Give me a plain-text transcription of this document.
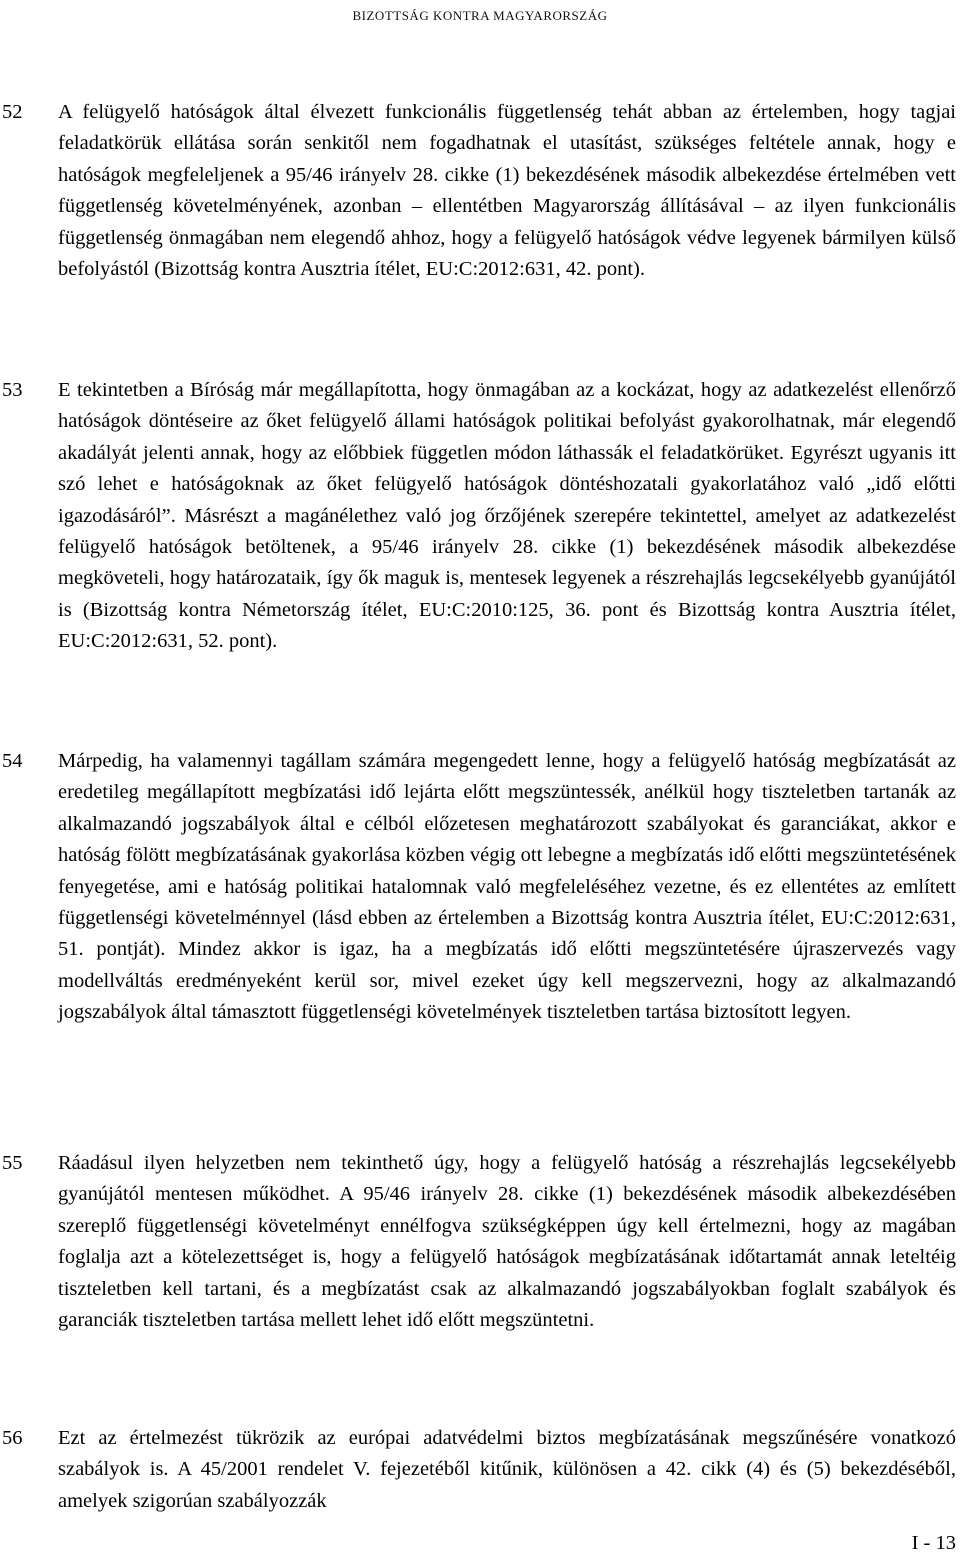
BIZOTTSÁG KONTRA MAGYARORSZÁG
52 A felügyelő hatóságok által élvezett funkcionális függetlenség tehát abban az értelemben, hogy tagjai feladatkörük ellátása során senkitől nem fogadhatnak el utasítást, szükséges feltétele annak, hogy e hatóságok megfeleljenek a 95/46 irányelv 28. cikke (1) bekezdésének második albekezdése értelmében vett függetlenség követelményének, azonban – ellentétben Magyarország állításával – az ilyen funkcionális függetlenség önmagában nem elegendő ahhoz, hogy a felügyelő hatóságok védve legyenek bármilyen külső befolyástól (Bizottság kontra Ausztria ítélet, EU:C:2012:631, 42. pont).
53 E tekintetben a Bíróság már megállapította, hogy önmagában az a kockázat, hogy az adatkezelést ellenőrző hatóságok döntéseire az őket felügyelő állami hatóságok politikai befolyást gyakorolhatnak, már elegendő akadályát jelenti annak, hogy az előbbiek független módon láthassák el feladatkörüket. Egyrészt ugyanis itt szó lehet e hatóságoknak az őket felügyelő hatóságok döntéshozatali gyakorlatához való „idő előtti igazodásáról”. Másrészt a magánélethez való jog őrzőjének szerepére tekintettel, amelyet az adatkezelést felügyelő hatóságok betöltenek, a 95/46 irányelv 28. cikke (1) bekezdésének második albekezdése megköveteli, hogy határozataik, így ők maguk is, mentesek legyenek a részrehajlás legcsekélyebb gyanújától is (Bizottság kontra Németország ítélet, EU:C:2010:125, 36. pont és Bizottság kontra Ausztria ítélet, EU:C:2012:631, 52. pont).
54 Márpedig, ha valamennyi tagállam számára megengedett lenne, hogy a felügyelő hatóság megbízatását az eredetileg megállapított megbízatási idő lejárta előtt megszüntessék, anélkül hogy tiszteletben tartanák az alkalmazandó jogszabályok által e célból előzetesen meghatározott szabályokat és garanciákat, akkor e hatóság fölött megbízatásának gyakorlása közben végig ott lebegne a megbízatás idő előtti megszüntetésének fenyegetése, ami e hatóság politikai hatalomnak való megfeleléséhez vezetne, és ez ellentétes az említett függetlenségi követelménnyel (lásd ebben az értelemben a Bizottság kontra Ausztria ítélet, EU:C:2012:631, 51. pontját). Mindez akkor is igaz, ha a megbízatás idő előtti megszüntetésére újraszervezés vagy modellváltás eredményeként kerül sor, mivel ezeket úgy kell megszervezni, hogy az alkalmazandó jogszabályok által támasztott függetlenségi követelmények tiszteletben tartása biztosított legyen.
55 Ráadásul ilyen helyzetben nem tekinthető úgy, hogy a felügyelő hatóság a részrehajlás legcsekélyebb gyanújától mentesen működhet. A 95/46 irányelv 28. cikke (1) bekezdésének második albekezdésében szereplő függetlenségi követelményt ennélfogva szükségképpen úgy kell értelmezni, hogy az magában foglalja azt a kötelezettséget is, hogy a felügyelő hatóságok megbízatásának időtartamát annak leteltéig tiszteletben kell tartani, és a megbízatást csak az alkalmazandó jogszabályokban foglalt szabályok és garanciák tiszteletben tartása mellett lehet idő előtt megszüntetni.
56 Ezt az értelmezést tükrözik az európai adatvédelmi biztos megbízatásának megszűnésére vonatkozó szabályok is. A 45/2001 rendelet V. fejezetéből kitűnik, különösen a 42. cikk (4) és (5) bekezdéséből, amelyek szigorúan szabályozzák
I - 13
